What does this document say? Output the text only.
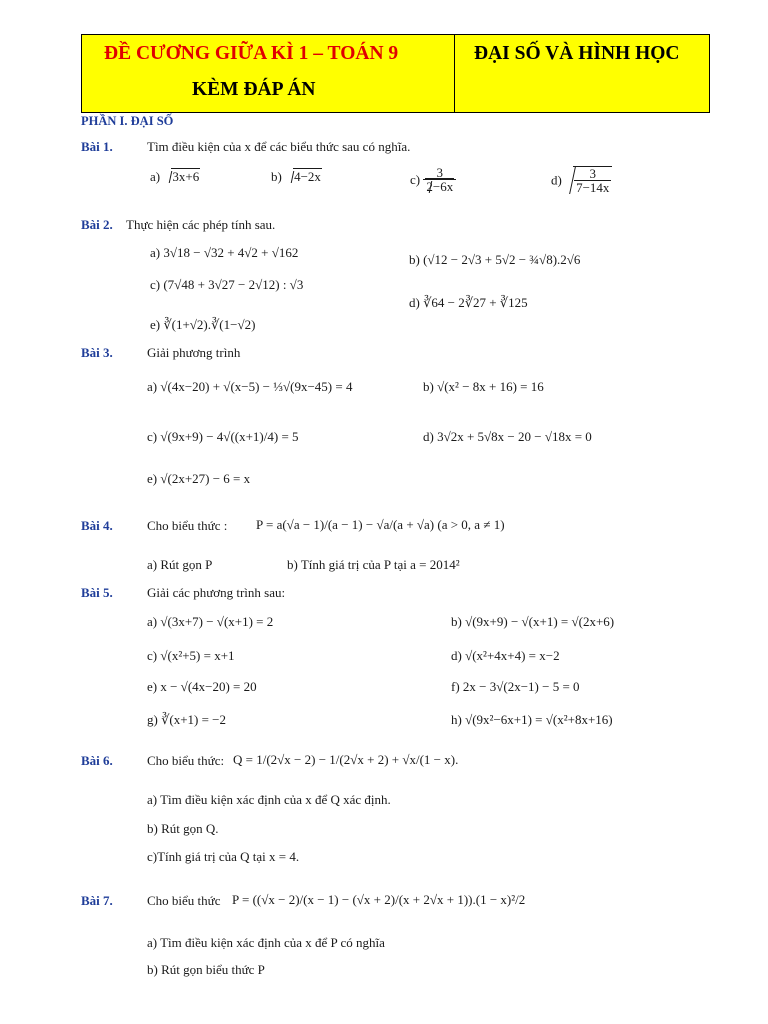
ĐỀ CƯƠNG GIỮA KÌ 1 – TOÁN 9
KÈM ĐÁP ÁN
ĐẠI SỐ VÀ HÌNH HỌC
PHẦN I. ĐẠI SỐ
Bài 1.	Tìm điều kiện của x để các biểu thức sau có nghĩa.
a) 3x+6	b) 4−2x	$c) \frac{3}{2-6x}$	$d) \frac{3}{7-14x}$
Bài 2. Thực hiện các phép tính sau.
a) 3√18 − √32 + 4√2 + √162	b) (√12 − 2√3 + 5√2 − ¾√8).2√6
c) (7√48 + 3√27 − 2√12) : √3
d) ∛64 − 2∛27 + ∛125
e) ∛(1+√2).∛(1−√2)
Bài 3.	Giải phương trình
a) √(4x−20) + √(x−5) − ⅓√(9x−45) = 4	b) √(x² − 8x + 16) = 16
c) √(9x+9) − 4√((x+1)/4) = 5	d) 3√2x + 5√8x − 20 − √18x = 0
e) √(2x+27) − 6 = x
Bài 4.	Cho biểu thức : P = a(√a − 1)/(a − 1) − √a/(a + √a) (a > 0, a ≠ 1)
a) Rút gọn P	b) Tính giá trị của P tại a = 2014²
Bài 5.	Giải các phương trình sau:
a) √(3x+7) − √(x+1) = 2	b) √(9x+9) − √(x+1) = √(2x+6)
c) √(x²+5) = x+1	d) √(x²+4x+4) = x−2
e) x − √(4x−20) = 20	f) 2x − 3√(2x−1) − 5 = 0
g) ∛(x+1) = −2	h) √(9x²−6x+1) = √(x²+8x+16)
Bài 6.	Cho biểu thức: Q = 1/(2√x − 2) − 1/(2√x + 2) + √x/(1 − x).
a) Tìm điều kiện xác định của x để Q xác định.
b) Rút gọn Q.
c)Tính giá trị của Q tại x = 4.
Bài 7.	Cho biểu thức P = ((√x − 2)/(x − 1) − (√x + 2)/(x + 2√x + 1)).(1 − x)²/2
a) Tìm điều kiện xác định của x để P có nghĩa
b) Rút gọn biểu thức P
